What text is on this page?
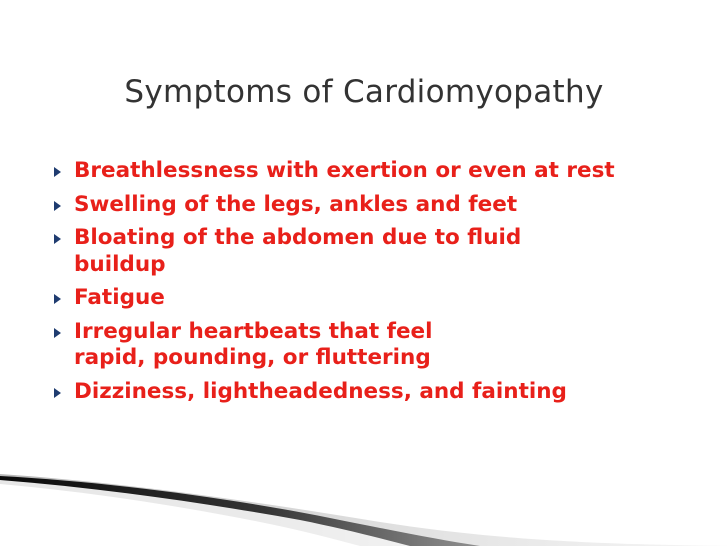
Symptoms of Cardiomyopathy
Breathlessness with exertion or even at rest
Swelling of the legs, ankles and feet
Bloating of the abdomen due to fluid
buildup
Fatigue
Irregular heartbeats that feel
rapid, pounding, or fluttering
Dizziness, lightheadedness, and fainting
